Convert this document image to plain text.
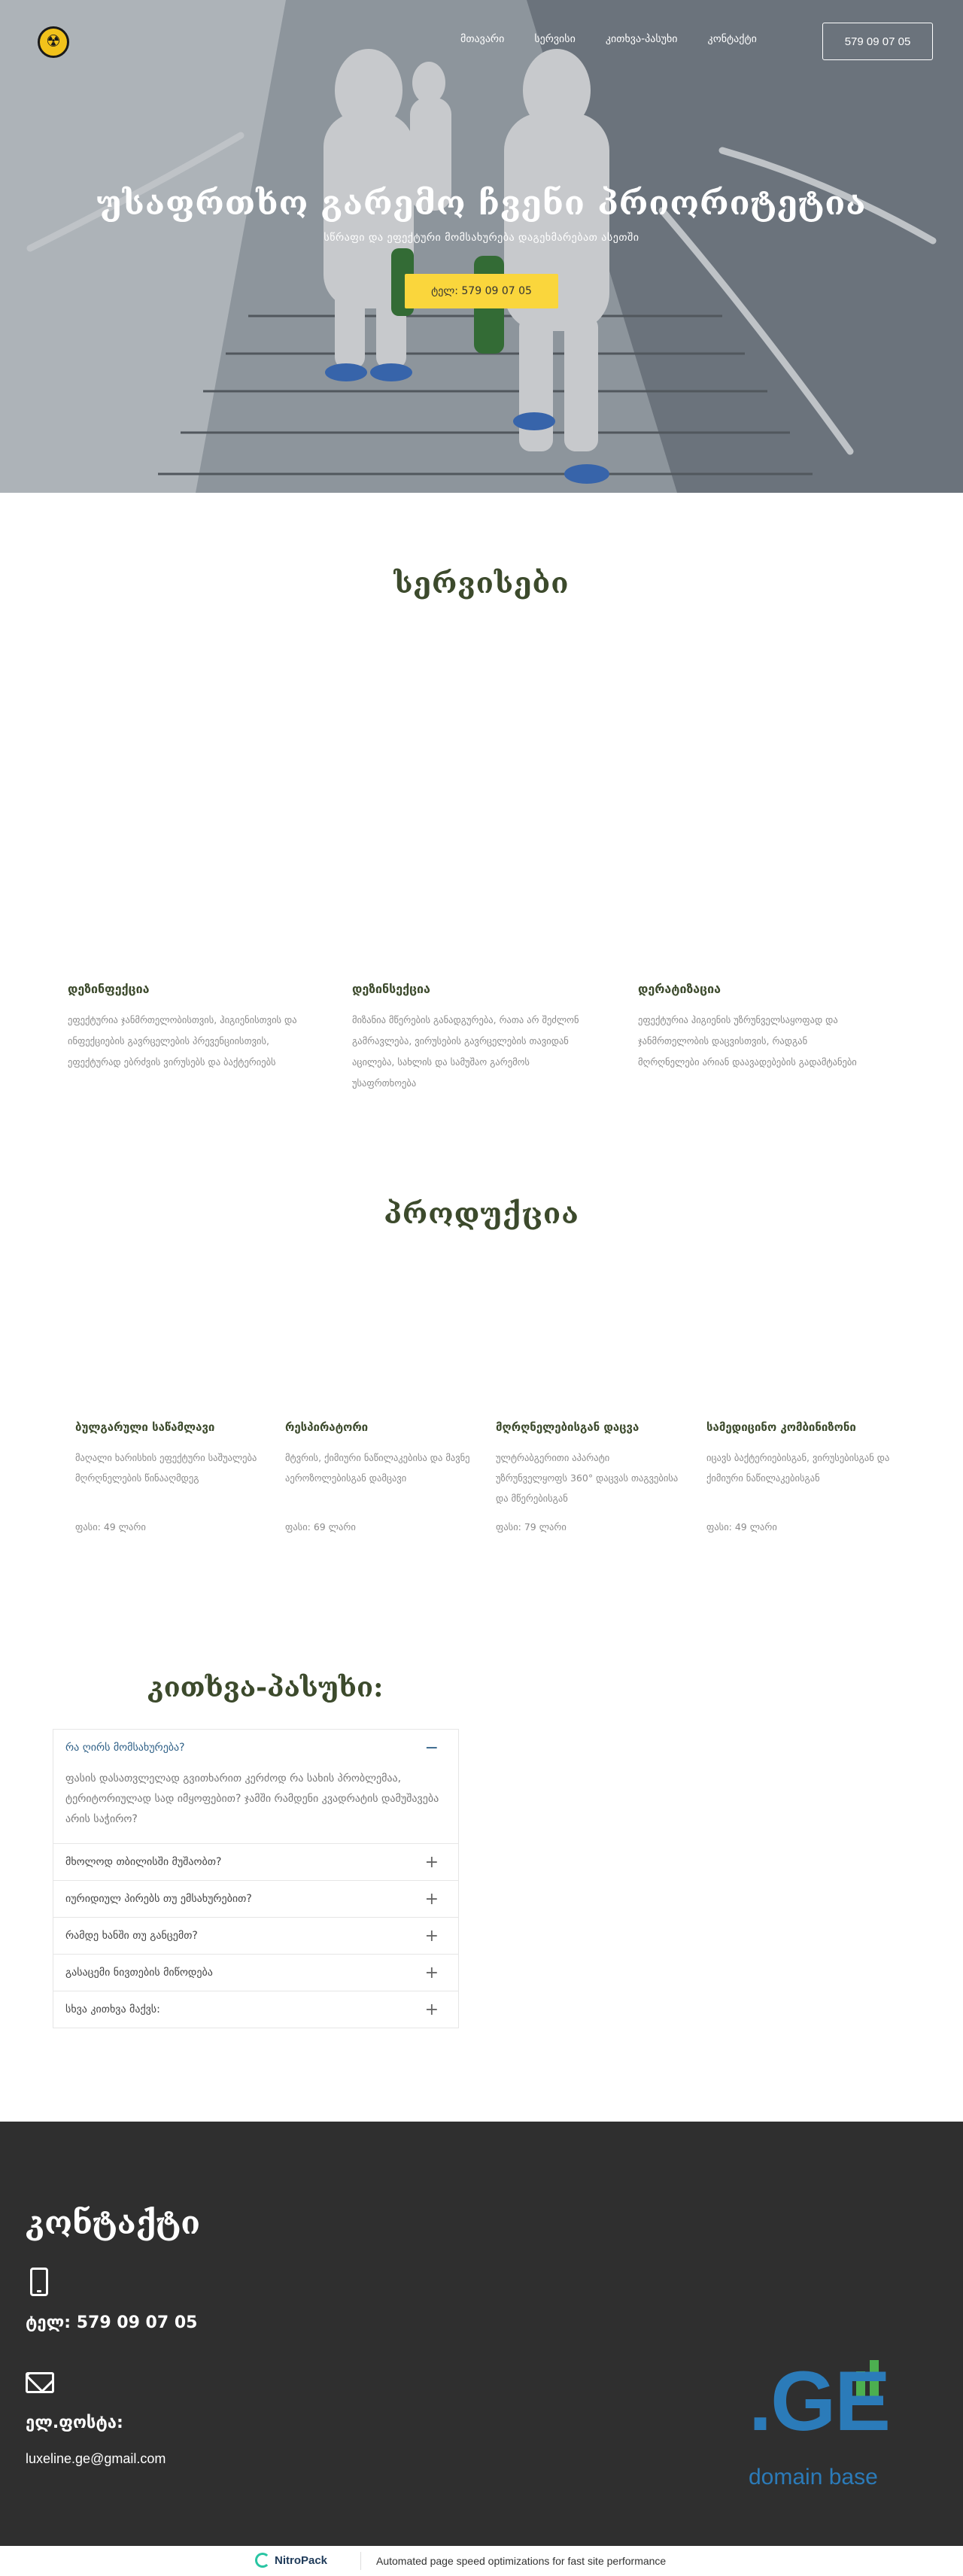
☢	მთავარი	სერვისი	კითხვა-პასუხი	კონტაქტი	579 09 07 05
უსაფრთხო გარემო ჩვენი პრიორიტეტია
სწრაფი და ეფექტური მომსახურება დაგეხმარებათ ასეთში
ტელ: 579 09 07 05
სერვისები
დეზინფექცია

ეფექტურია ჯანმრთელობისთვის, ჰიგიენისთვის და ინფექციების გავრცელების პრევენციისთვის, ეფექტურად ებრძვის ვირუსებს და ბაქტერიებს

დეზინსექცია

მიზანია მწერების განადგურება, რათა არ შეძლონ გამრავლება, ვირუსების გავრცელების თავიდან აცილება, სახლის და სამუშაო გარემოს უსაფრთხოება

დერატიზაცია

ეფექტურია ჰიგიენის უზრუნველსაყოფად და ჯანმრთელობის დაცვისთვის, რადგან მღრღნელები არიან დაავადებების გადამტანები

პროდუქცია
ბულგარული საწამლავი

მაღალი ხარისხის ეფექტური საშუალება მღრღნელების წინააღმდეგ

ფასი: 49 ლარი
რესპირატორი

მტვრის, ქიმიური ნაწილაკებისა და მავნე აეროზოლებისგან დამცავი

ფასი: 69 ლარი
მღრღნელებისგან დაცვა

ულტრაბგერითი აპარატი უზრუნველყოფს 360° დაცვას თაგვებისა და მწერებისგან

ფასი: 79 ლარი
სამედიცინო კომბინიზონი

იცავს ბაქტერიებისგან, ვირუსებისგან და ქიმიური ნაწილაკებისგან

ფასი: 49 ლარი
კითხვა-პასუხი:
რა ღირს მომსახურება?	−
ფასის დასათვლელად გვითხარით კერძოდ რა სახის პრობლემაა, ტერიტორიულად სად იმყოფებით? ჯამში რამდენი კვადრატის დამუშავება არის საჭირო?
მხოლოდ თბილისში მუშაობთ?	+
იურიდიულ პირებს თუ ემსახურებით?	+
რამდე ხანში თუ განცემთ?	+
გასაცემი ნივთების მიწოდება	+
სხვა კითხვა მაქვს:	+
კონტაქტი
ტელ: 579 09 07 05
ელ.ფოსტა:
luxeline.ge@gmail.com
.GE
domain base
NitroPack	Automated page speed optimizations for fast site performance
